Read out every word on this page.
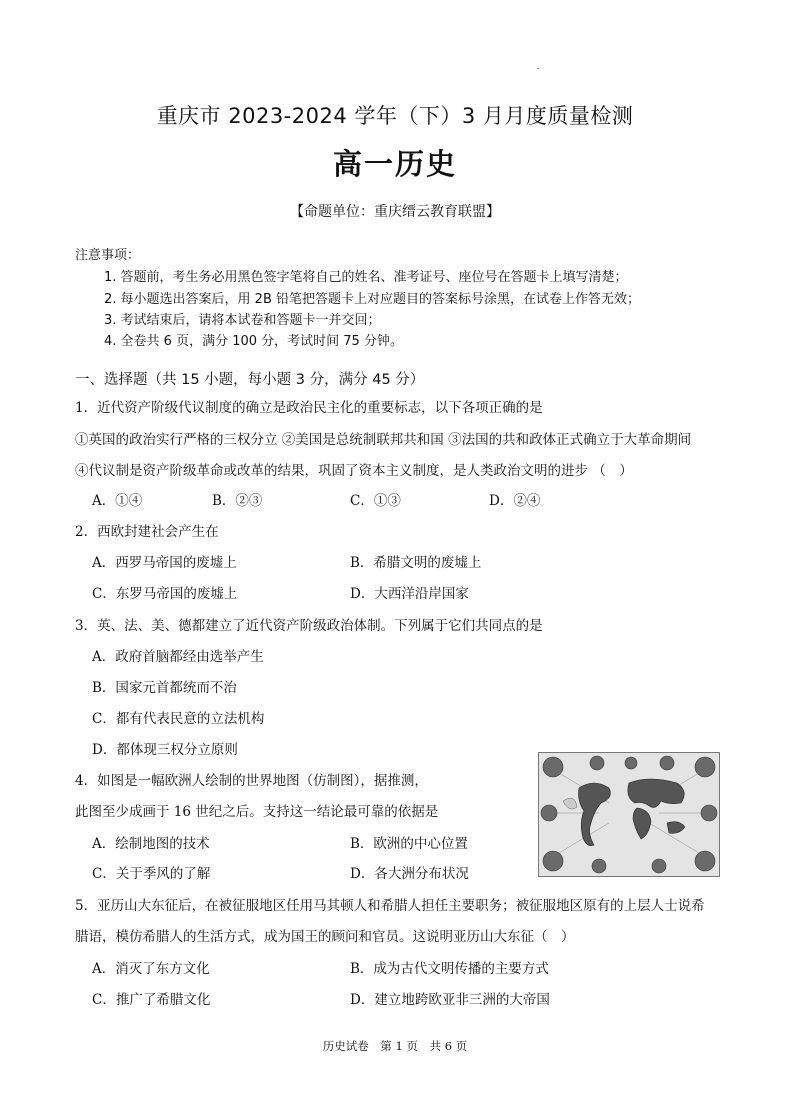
重庆市 2023-2024 学年（下）3 月月度质量检测
高一历史
【命题单位：重庆缙云教育联盟】
注意事项：
1. 答题前，考生务必用黑色签字笔将自己的姓名、准考证号、座位号在答题卡上填写清楚；
2. 每小题选出答案后，用 2B 铅笔把答题卡上对应题目的答案标号涂黑，在试卷上作答无效；
3. 考试结束后，请将本试卷和答题卡一并交回；
4. 全卷共 6 页，满分 100 分，考试时间 75 分钟。
一、选择题（共 15 小题，每小题 3 分，满分 45 分）
1．近代资产阶级代议制度的确立是政治民主化的重要标志，以下各项正确的是
①英国的政治实行严格的三权分立 ②美国是总统制联邦共和国 ③法国的共和政体正式确立于大革命期间
④代议制是资产阶级革命或改革的结果，巩固了资本主义制度，是人类政治文明的进步 （　）
A．①④	B．②③	C．①③	D．②④
2．西欧封建社会产生在
A．西罗马帝国的废墟上	B．希腊文明的废墟上
C．东罗马帝国的废墟上	D．大西洋沿岸国家
3．英、法、美、德都建立了近代资产阶级政治体制。下列属于它们共同点的是
A．政府首脑都经由选举产生
B．国家元首都统而不治
C．都有代表民意的立法机构
D．都体现三权分立原则
4．如图是一幅欧洲人绘制的世界地图（仿制图），据推测，
此图至少成画于 16 世纪之后。支持这一结论最可靠的依据是
A．绘制地图的技术	B．欧洲的中心位置
C．关于季风的了解	D．各大洲分布状况
5．亚历山大东征后，在被征服地区任用马其顿人和希腊人担任主要职务；被征服地区原有的上层人士说希
腊语，模仿希腊人的生活方式，成为国王的顾问和官员。这说明亚历山大东征（　）
A．消灭了东方文化	B．成为古代文明传播的主要方式
C．推广了希腊文化	D．建立地跨欧亚非三洲的大帝国
历史试卷 第 1 页 共 6 页
